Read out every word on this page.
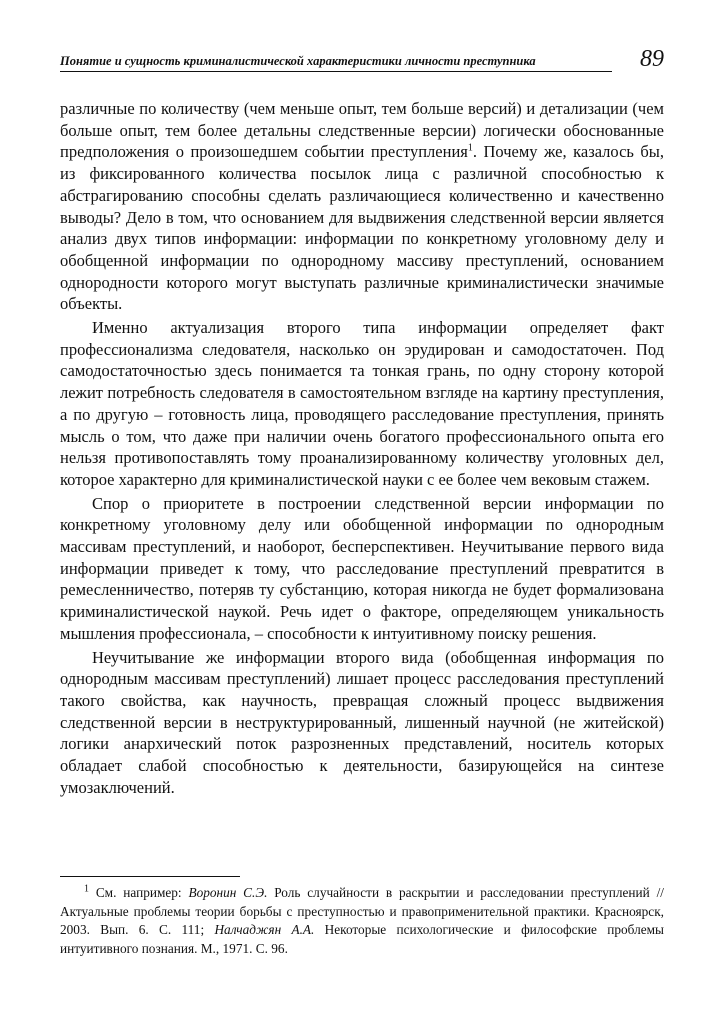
Понятие и сущность криминалистической характеристики личности преступника	89

различные по количеству (чем меньше опыт, тем больше версий) и детализации (чем больше опыт, тем более детальны следственные версии) логически обоснованные предположения о произошедшем событии преступления$^1$. Почему же, казалось бы, из фиксированного количества посылок лица с различной способностью к абстрагированию способны сделать различающиеся количественно и качественно выводы? Дело в том, что основанием для выдвижения следственной версии является анализ двух типов информации: информации по конкретному уголовному делу и обобщенной информации по однородному массиву преступлений, основанием однородности которого могут выступать различные криминалистически значимые объекты.

Именно актуализация второго типа информации определяет факт профессионализма следователя, насколько он эрудирован и самодостаточен. Под самодостаточностью здесь понимается та тонкая грань, по одну сторону которой лежит потребность следователя в самостоятельном взгляде на картину преступления, а по другую – готовность лица, проводящего расследование преступления, принять мысль о том, что даже при наличии очень богатого профессионального опыта его нельзя противопоставлять тому проанализированному количеству уголовных дел, которое характерно для криминалистической науки с ее более чем вековым стажем.

Спор о приоритете в построении следственной версии информации по конкретному уголовному делу или обобщенной информации по однородным массивам преступлений, и наоборот, бесперспективен. Неучитывание первого вида информации приведет к тому, что расследование преступлений превратится в ремесленничество, потеряв ту субстанцию, которая никогда не будет формализована криминалистической наукой. Речь идет о факторе, определяющем уникальность мышления профессионала, – способности к интуитивному поиску решения.

Неучитывание же информации второго вида (обобщенная информация по однородным массивам преступлений) лишает процесс расследования преступлений такого свойства, как научность, превращая сложный процесс выдвижения следственной версии в неструктурированный, лишенный научной (не житейской) логики анархический поток разрозненных представлений, носитель которых обладает слабой способностью к деятельности, базирующейся на синтезе умозаключений.

$^1$ См. например: Воронин С.Э. Роль случайности в раскрытии и расследовании преступлений // Актуальные проблемы теории борьбы с преступностью и правоприменительной практики. Красноярск, 2003. Вып. 6. С. 111; Налчаджян А.А. Некоторые психологические и философские проблемы интуитивного познания. М., 1971. С. 96.
